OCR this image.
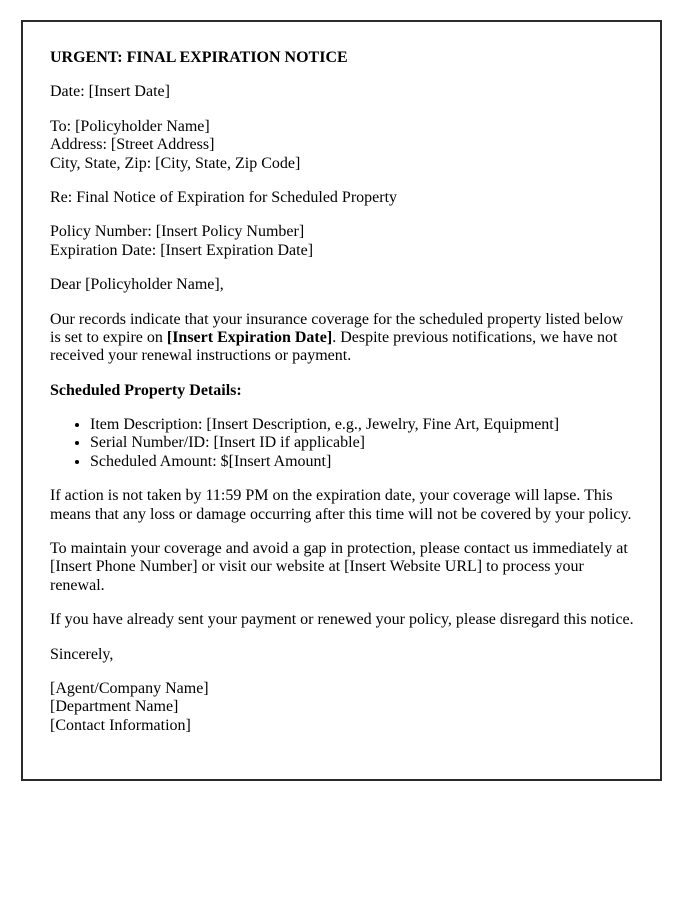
URGENT: FINAL EXPIRATION NOTICE

Date: [Insert Date]

To: [Policyholder Name]
Address: [Street Address]
City, State, Zip: [City, State, Zip Code]

Re: Final Notice of Expiration for Scheduled Property

Policy Number: [Insert Policy Number]
Expiration Date: [Insert Expiration Date]

Dear [Policyholder Name],

Our records indicate that your insurance coverage for the scheduled property listed below is set to expire on [Insert Expiration Date]. Despite previous notifications, we have not received your renewal instructions or payment.

Scheduled Property Details:

• Item Description: [Insert Description, e.g., Jewelry, Fine Art, Equipment]
• Serial Number/ID: [Insert ID if applicable]
• Scheduled Amount: $[Insert Amount]

If action is not taken by 11:59 PM on the expiration date, your coverage will lapse. This means that any loss or damage occurring after this time will not be covered by your policy.

To maintain your coverage and avoid a gap in protection, please contact us immediately at [Insert Phone Number] or visit our website at [Insert Website URL] to process your renewal.

If you have already sent your payment or renewed your policy, please disregard this notice.

Sincerely,

[Agent/Company Name]
[Department Name]
[Contact Information]
